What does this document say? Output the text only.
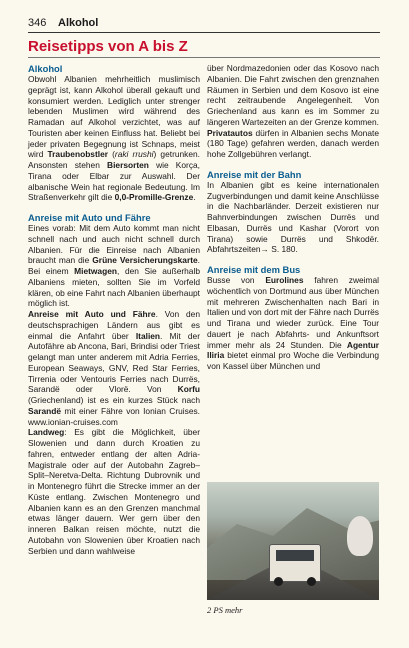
346 Alkohol
Reisetipps von A bis Z
Alkohol

Obwohl Albanien mehrheitlich muslimisch geprägt ist, kann Alkohol überall gekauft und konsumiert werden. Lediglich unter strenger lebenden Muslimen wird während des Ramadan auf Alkohol verzichtet, was auf Touristen aber keinen Einfluss hat. Beliebt bei jeder privaten Begegnung ist Schnaps, meist wird Traubenobstler (raki rrushi) getrunken. Ansonsten stehen Biersorten wie Korça, Tirana oder Elbar zur Auswahl. Der albanische Wein hat regionale Bedeutung. Im Straßenverkehr gilt die 0,0-Promille-Grenze.

Anreise mit Auto und Fähre

Eines vorab: Mit dem Auto kommt man nicht schnell nach und auch nicht schnell durch Albanien. Für die Einreise nach Albanien braucht man die Grüne Versicherungskarte. Bei einem Mietwagen, den Sie außerhalb Albaniens mieten, sollten Sie im Vorfeld klären, ob eine Fahrt nach Albanien überhaupt möglich ist.

Anreise mit Auto und Fähre. Von den deutschsprachigen Ländern aus gibt es einmal die Anfahrt über Italien. Mit der Autofähre ab Ancona, Bari, Brindisi oder Triest gelangt man unter anderem mit Adria Ferries, European Seaways, GNV, Red Star Ferries, Tirrenia oder Ventouris Ferries nach Durrës, Sarandë oder Vlorë. Von Korfu (Griechenland) ist es ein kurzes Stück nach Sarandë mit einer Fähre von Ionian Cruises. www.ionian-cruises.com

Landweg: Es gibt die Möglichkeit, über Slowenien und dann durch Kroatien zu fahren, entweder entlang der alten Adria-Magistrale oder auf der Autobahn Zagreb–Split–Neretva-Delta. Richtung Dubrovnik und in Montenegro führt die Strecke immer an der Küste entlang. Zwischen Montenegro und Albanien kann es an den Grenzen manchmal etwas länger dauern. Wer gern über den inneren Balkan reisen möchte, nutzt die Autobahn von Slowenien über Kroatien nach Serbien und dann wahlweise

über Nordmazedonien oder das Kosovo nach Albanien. Die Fahrt zwischen den grenznahen Räumen in Serbien und dem Kosovo ist eine recht zeitraubende Angelegenheit. Von Griechenland aus kann es im Sommer zu längeren Wartezeiten an der Grenze kommen.

Privatautos dürfen in Albanien sechs Monate (180 Tage) gefahren werden, danach werden hohe Zollgebühren verlangt.

Anreise mit der Bahn

In Albanien gibt es keine internationalen Zugverbindungen und damit keine Anschlüsse in die Nachbarländer. Derzeit existieren nur Bahnverbindungen zwischen Durrës und Elbasan, Durrës und Kashar (Vorort von Tirana) sowie Durrës und Shkodër. Abfahrtszeiten→ S. 180.

Anreise mit dem Bus

Busse von Eurolines fahren zweimal wöchentlich von Dortmund aus über München mit mehreren Zwischenhalten nach Bari in Italien und von dort mit der Fähre nach Durrës und Tirana und wieder zurück. Eine Tour dauert je nach Abfahrts- und Ankunftsort immer mehr als 24 Stunden. Die Agentur Iliria bietet einmal pro Woche die Verbindung von Kassel über München und

2 PS mehr
